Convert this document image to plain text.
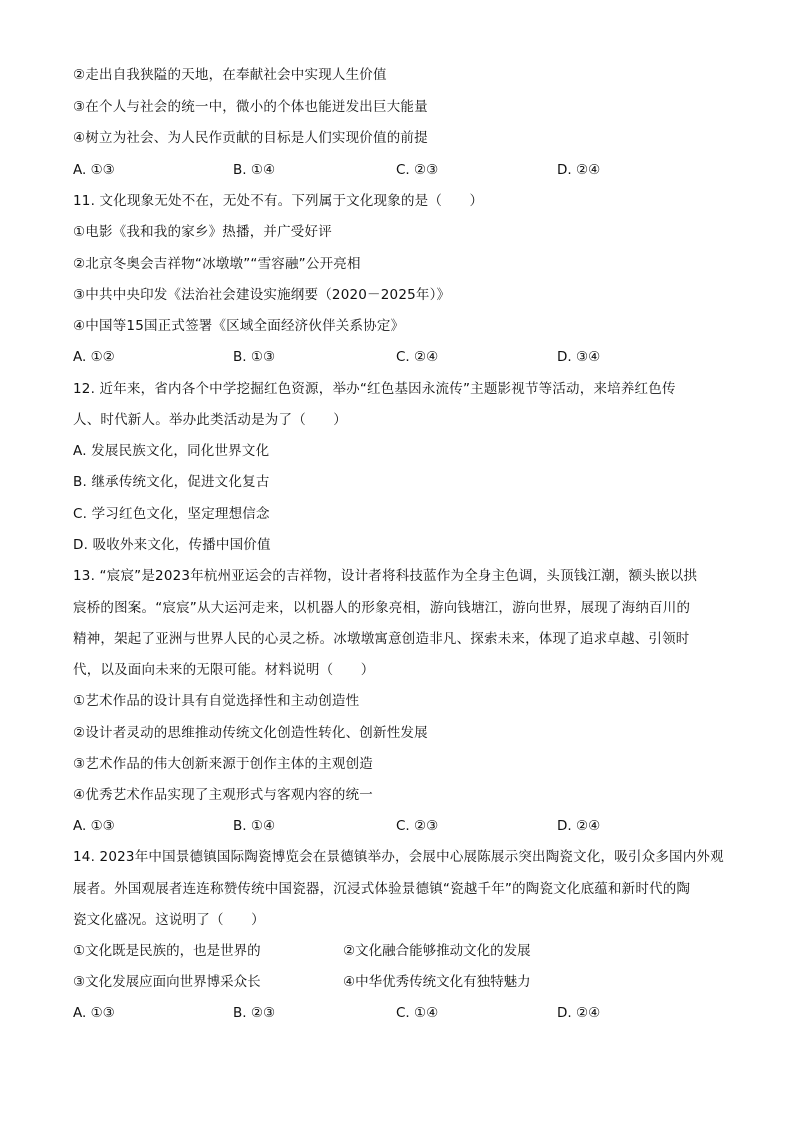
②走出自我狭隘的天地，在奉献社会中实现人生价值
③在个人与社会的统一中，微小的个体也能迸发出巨大能量
④树立为社会、为人民作贡献的目标是人们实现价值的前提
A. ①③	B. ①④	C. ②③	D. ②④
11. 文化现象无处不在，无处不有。下列属于文化现象的是（　　）
①电影《我和我的家乡》热播，并广受好评
②北京冬奥会吉祥物“冰墩墩”“雪容融”公开亮相
③中共中央印发《法治社会建设实施纲要（2020－2025年）》
④中国等15国正式签署《区域全面经济伙伴关系协定》
A. ①②	B. ①③	C. ②④	D. ③④
12. 近年来，省内各个中学挖掘红色资源，举办“红色基因永流传”主题影视节等活动，来培养红色传
人、时代新人。举办此类活动是为了（　　）
A. 发展民族文化，同化世界文化
B. 继承传统文化，促进文化复古
C. 学习红色文化，坚定理想信念
D. 吸收外来文化，传播中国价值
13. “宸宸”是2023年杭州亚运会的吉祥物，设计者将科技蓝作为全身主色调，头顶钱江潮，额头嵌以拱
宸桥的图案。“宸宸”从大运河走来，以机器人的形象亮相，游向钱塘江，游向世界，展现了海纳百川的
精神，架起了亚洲与世界人民的心灵之桥。冰墩墩寓意创造非凡、探索未来，体现了追求卓越、引领时
代，以及面向未来的无限可能。材料说明（　　）
①艺术作品的设计具有自觉选择性和主动创造性
②设计者灵动的思维推动传统文化创造性转化、创新性发展
③艺术作品的伟大创新来源于创作主体的主观创造
④优秀艺术作品实现了主观形式与客观内容的统一
A. ①③	B. ①④	C. ②③	D. ②④
14. 2023年中国景德镇国际陶瓷博览会在景德镇举办，会展中心展陈展示突出陶瓷文化，吸引众多国内外观
展者。外国观展者连连称赞传统中国瓷器，沉浸式体验景德镇“瓷越千年”的陶瓷文化底蕴和新时代的陶
瓷文化盛况。这说明了（　　）
①文化既是民族的，也是世界的	②文化融合能够推动文化的发展
③文化发展应面向世界博采众长	④中华优秀传统文化有独特魅力
A. ①③	B. ②③	C. ①④	D. ②④
